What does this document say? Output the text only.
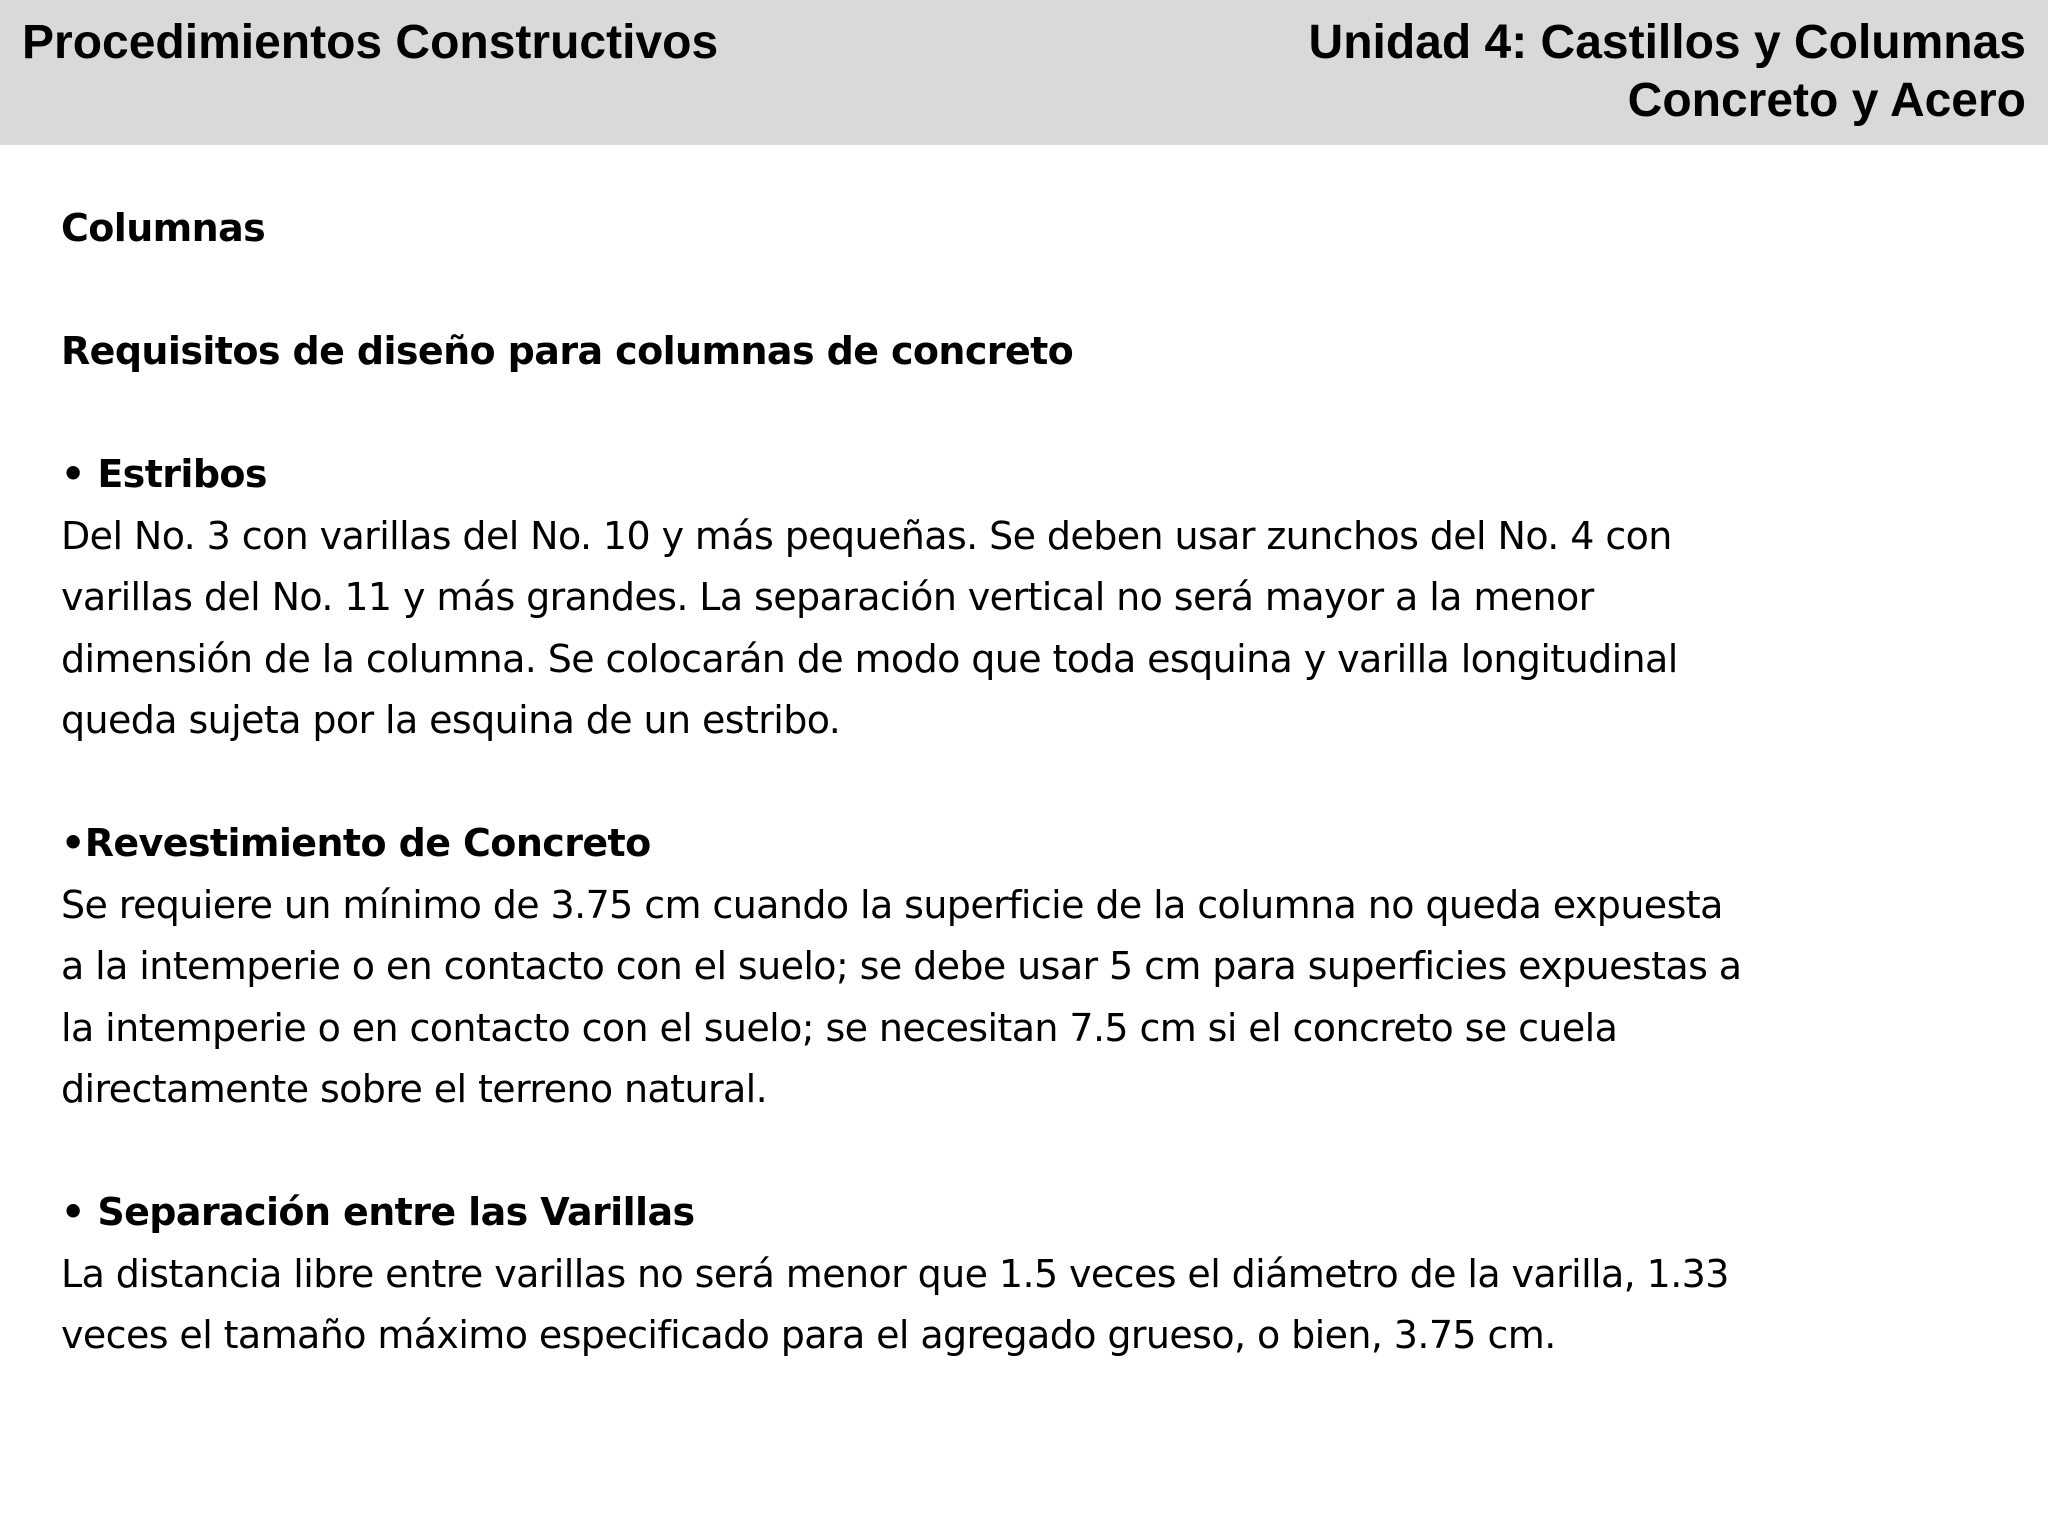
Procedimientos Constructivos	Unidad 4: Castillos y Columnas
Concreto y Acero

Columnas

Requisitos de diseño para columnas de concreto

• Estribos

Del No. 3 con varillas del No. 10 y más pequeñas. Se deben usar zunchos del No. 4 con

varillas del No. 11 y más grandes. La separación vertical no será mayor a la menor

dimensión de la columna. Se colocarán de modo que toda esquina y varilla longitudinal

queda sujeta por la esquina de un estribo.

•Revestimiento de Concreto

Se requiere un mínimo de 3.75 cm cuando la superficie de la columna no queda expuesta

a la intemperie o en contacto con el suelo; se debe usar 5 cm para superficies expuestas a

la intemperie o en contacto con el suelo; se necesitan 7.5 cm si el concreto se cuela

directamente sobre el terreno natural.

• Separación entre las Varillas

La distancia libre entre varillas no será menor que 1.5 veces el diámetro de la varilla, 1.33

veces el tamaño máximo especificado para el agregado grueso, o bien, 3.75 cm.
